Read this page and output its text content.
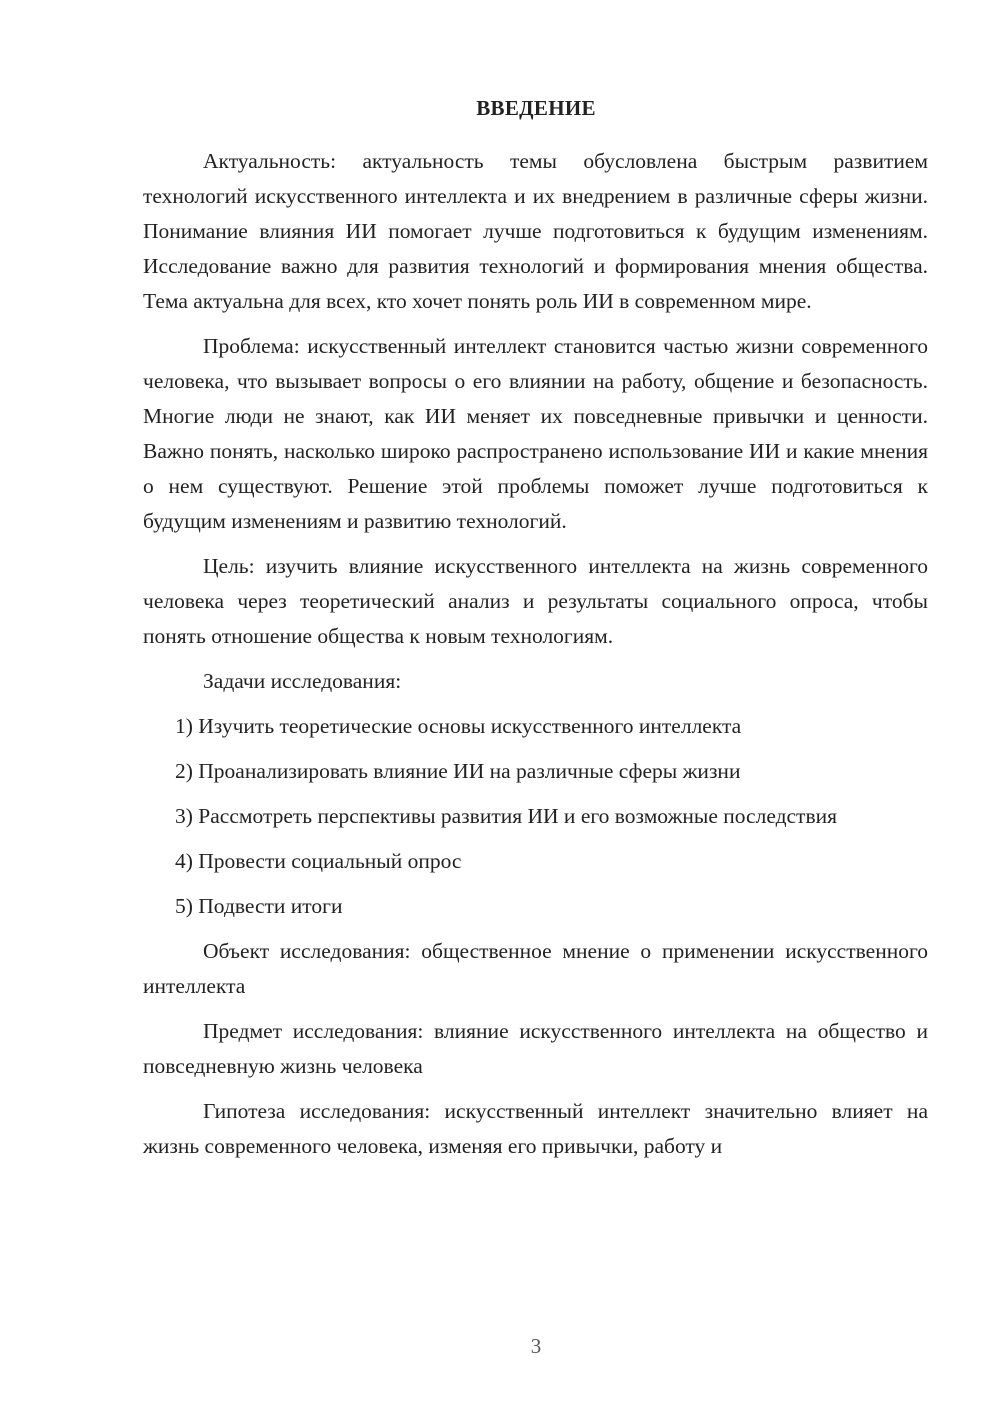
ВВЕДЕНИЕ

Актуальность: актуальность темы обусловлена быстрым развитием технологий искусственного интеллекта и их внедрением в различные сферы жизни. Понимание влияния ИИ помогает лучше подготовиться к будущим изменениям. Исследование важно для развития технологий и формирования мнения общества. Тема актуальна для всех, кто хочет понять роль ИИ в современном мире.

Проблема: искусственный интеллект становится частью жизни современного человека, что вызывает вопросы о его влиянии на работу, общение и безопасность. Многие люди не знают, как ИИ меняет их повседневные привычки и ценности. Важно понять, насколько широко распространено использование ИИ и какие мнения о нем существуют. Решение этой проблемы поможет лучше подготовиться к будущим изменениям и развитию технологий.

Цель: изучить влияние искусственного интеллекта на жизнь современного человека через теоретический анализ и результаты социального опроса, чтобы понять отношение общества к новым технологиям.

Задачи исследования:

1) Изучить теоретические основы искусственного интеллекта

2) Проанализировать влияние ИИ на различные сферы жизни

3) Рассмотреть перспективы развития ИИ и его возможные последствия

4) Провести социальный опрос

5) Подвести итоги

Объект исследования: общественное мнение о применении искусственного интеллекта

Предмет исследования: влияние искусственного интеллекта на общество и повседневную жизнь человека

Гипотеза исследования: искусственный интеллект значительно влияет на жизнь современного человека, изменяя его привычки, работу и

3
